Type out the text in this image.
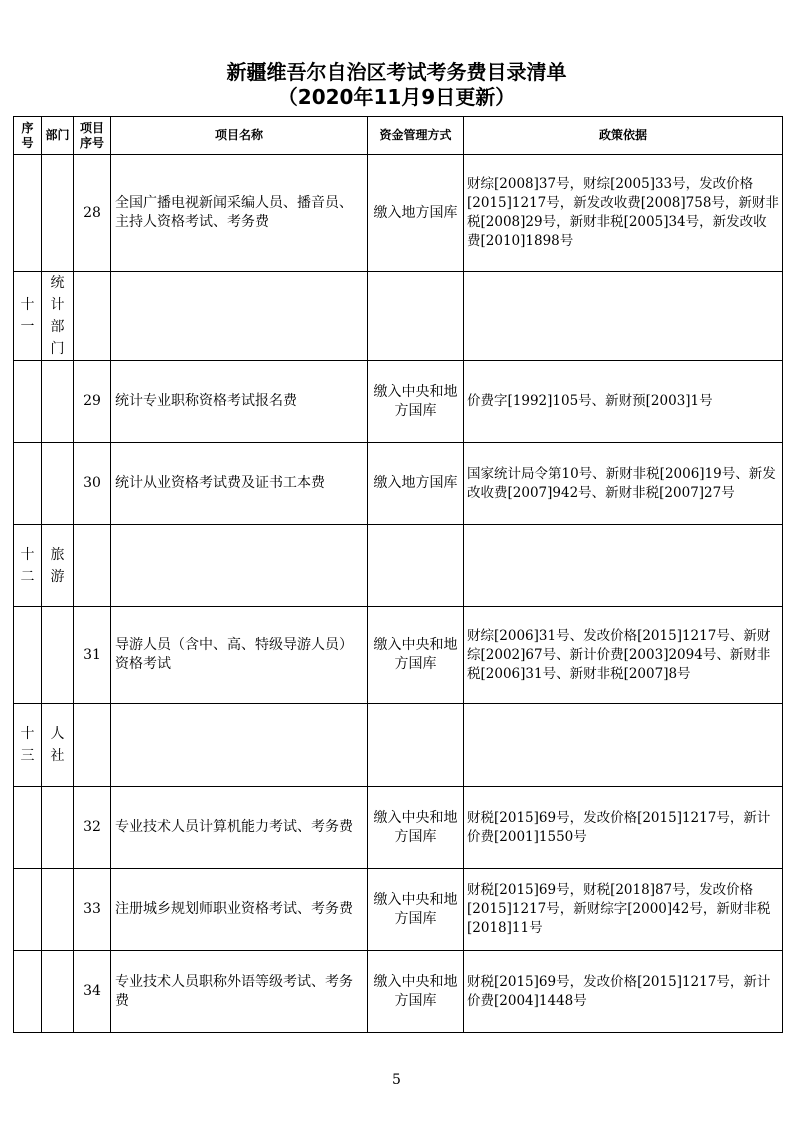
新疆维吾尔自治区考试考务费目录清单
（2020年11月9日更新）
序号	部门	项目序号	项目名称	资金管理方式	政策依据
		28	全国广播电视新闻采编人员、播音员、主持人资格考试、考务费	缴入地方国库	财综[2008]37号，财综[2005]33号，发改价格[2015]1217号，新发改收费[2008]758号，新财非税[2008]29号，新财非税[2005]34号，新发改收费[2010]1898号
十一	统计部门				
		29	统计专业职称资格考试报名费	缴入中央和地方国库	价费字[1992]105号、新财预[2003]1号
		30	统计从业资格考试费及证书工本费	缴入地方国库	国家统计局令第10号、新财非税[2006]19号、新发改收费[2007]942号、新财非税[2007]27号
十二	旅游				
		31	导游人员（含中、高、特级导游人员）资格考试	缴入中央和地方国库	财综[2006]31号、发改价格[2015]1217号、新财综[2002]67号、新计价费[2003]2094号、新财非税[2006]31号、新财非税[2007]8号
十三	人社				
		32	专业技术人员计算机能力考试、考务费	缴入中央和地方国库	财税[2015]69号，发改价格[2015]1217号，新计价费[2001]1550号
		33	注册城乡规划师职业资格考试、考务费	缴入中央和地方国库	财税[2015]69号，财税[2018]87号，发改价格[2015]1217号，新财综字[2000]42号，新财非税[2018]11号
		34	专业技术人员职称外语等级考试、考务费	缴入中央和地方国库	财税[2015]69号，发改价格[2015]1217号，新计价费[2004]1448号
5
